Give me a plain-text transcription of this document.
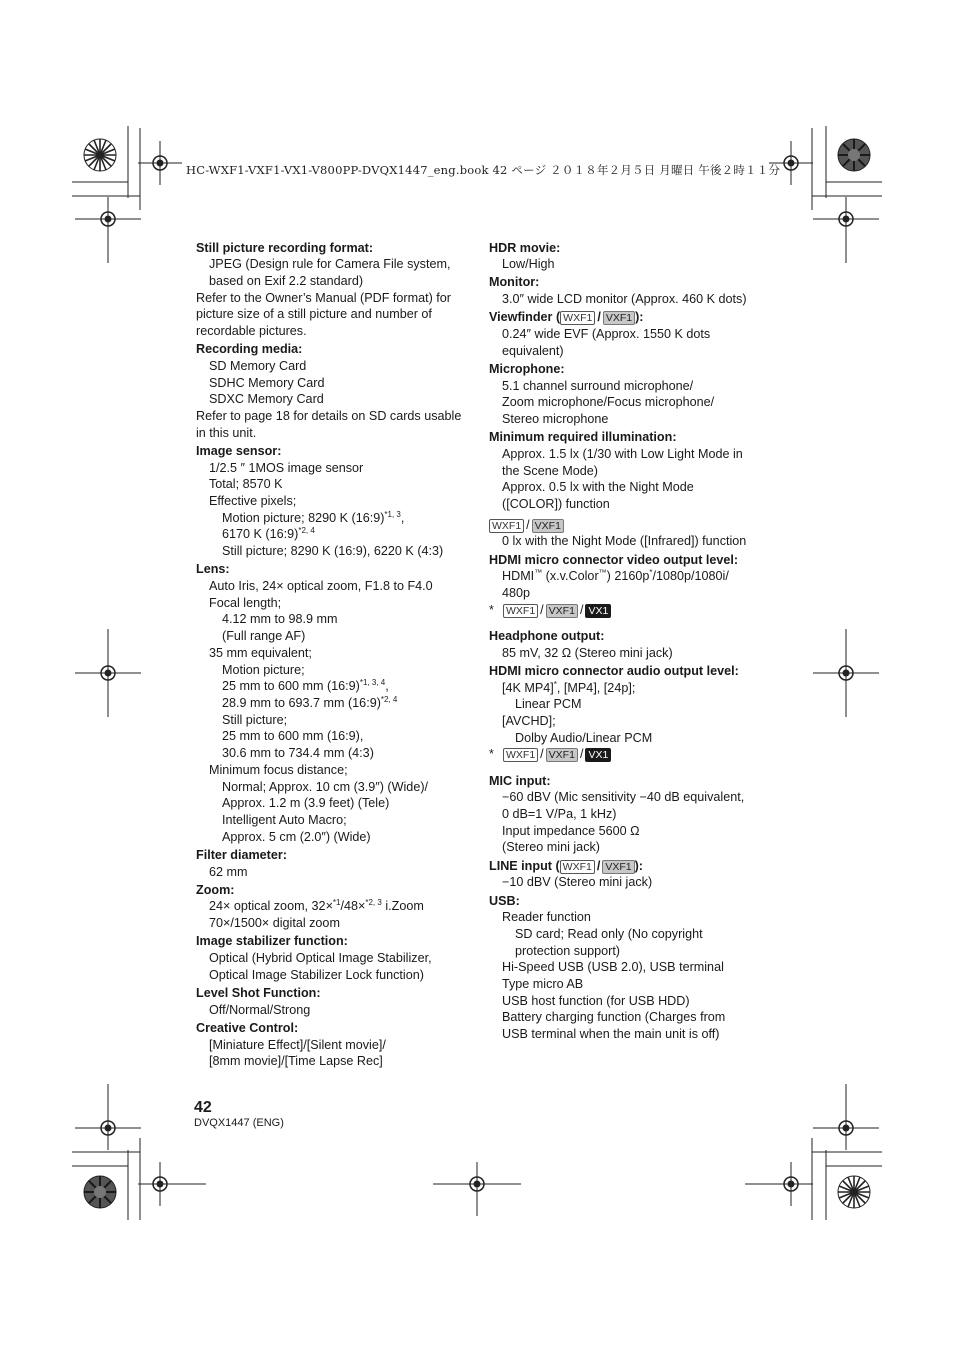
HC-WXF1-VXF1-VX1-V800PP-DVQX1447_eng.book 42 ページ ２０１８年２月５日 月曜日 午後２時１１分
Still picture recording format:
JPEG (Design rule for Camera File system,
based on Exif 2.2 standard)
Refer to the Owner’s Manual (PDF format) for
picture size of a still picture and number of
recordable pictures.
Recording media:
SD Memory Card
SDHC Memory Card
SDXC Memory Card
Refer to page 18 for details on SD cards usable
in this unit.
Image sensor:
1/2.5 ″ 1MOS image sensor
Total; 8570 K
Effective pixels;
Motion picture; 8290 K (16:9)$^{*1, 3}$,
6170 K (16:9)$^{*2, 4}$
Still picture; 8290 K (16:9), 6220 K (4:3)
Lens:
Auto Iris, 24× optical zoom, F1.8 to F4.0
Focal length;
4.12 mm to 98.9 mm
(Full range AF)
35 mm equivalent;
Motion picture;
25 mm to 600 mm (16:9)$^{*1, 3, 4}$,
28.9 mm to 693.7 mm (16:9)$^{*2, 4}$
Still picture;
25 mm to 600 mm (16:9),
30.6 mm to 734.4 mm (4:3)
Minimum focus distance;
Normal; Approx. 10 cm (3.9″) (Wide)/
Approx. 1.2 m (3.9 feet) (Tele)
Intelligent Auto Macro;
Approx. 5 cm (2.0″) (Wide)
Filter diameter:
62 mm
Zoom:
24× optical zoom, 32×$^{*1}$/48×$^{*2, 3}$ i.Zoom
70×/1500× digital zoom
Image stabilizer function:
Optical (Hybrid Optical Image Stabilizer,
Optical Image Stabilizer Lock function)
Level Shot Function:
Off/Normal/Strong
Creative Control:
[Miniature Effect]/[Silent movie]/
[8mm movie]/[Time Lapse Rec]
HDR movie:
Low/High
Monitor:
3.0″ wide LCD monitor (Approx. 460 K dots)
Viewfinder ( WXF1 / VXF1 ):
0.24″ wide EVF (Approx. 1550 K dots
equivalent)
Microphone:
5.1 channel surround microphone/
Zoom microphone/Focus microphone/
Stereo microphone
Minimum required illumination:
Approx. 1.5 lx (1/30 with Low Light Mode in
the Scene Mode)
Approx. 0.5 lx with the Night Mode
([COLOR]) function
WXF1 / VXF1
0 lx with the Night Mode ([Infrared]) function
HDMI micro connector video output level:
HDMI™ (x.v.Color™) 2160p*/1080p/1080i/
480p
* WXF1 / VXF1 / VX1
Headphone output:
85 mV, 32 Ω (Stereo mini jack)
HDMI micro connector audio output level:
[4K MP4]*, [MP4], [24p];
Linear PCM
[AVCHD];
Dolby Audio/Linear PCM
* WXF1 / VXF1 / VX1
MIC input:
−60 dBV (Mic sensitivity −40 dB equivalent,
0 dB=1 V/Pa, 1 kHz)
Input impedance 5600 Ω
(Stereo mini jack)
LINE input ( WXF1 / VXF1 ):
−10 dBV (Stereo mini jack)
USB:
Reader function
SD card; Read only (No copyright
protection support)
Hi-Speed USB (USB 2.0), USB terminal
Type micro AB
USB host function (for USB HDD)
Battery charging function (Charges from
USB terminal when the main unit is off)
42
DVQX1447 (ENG)
